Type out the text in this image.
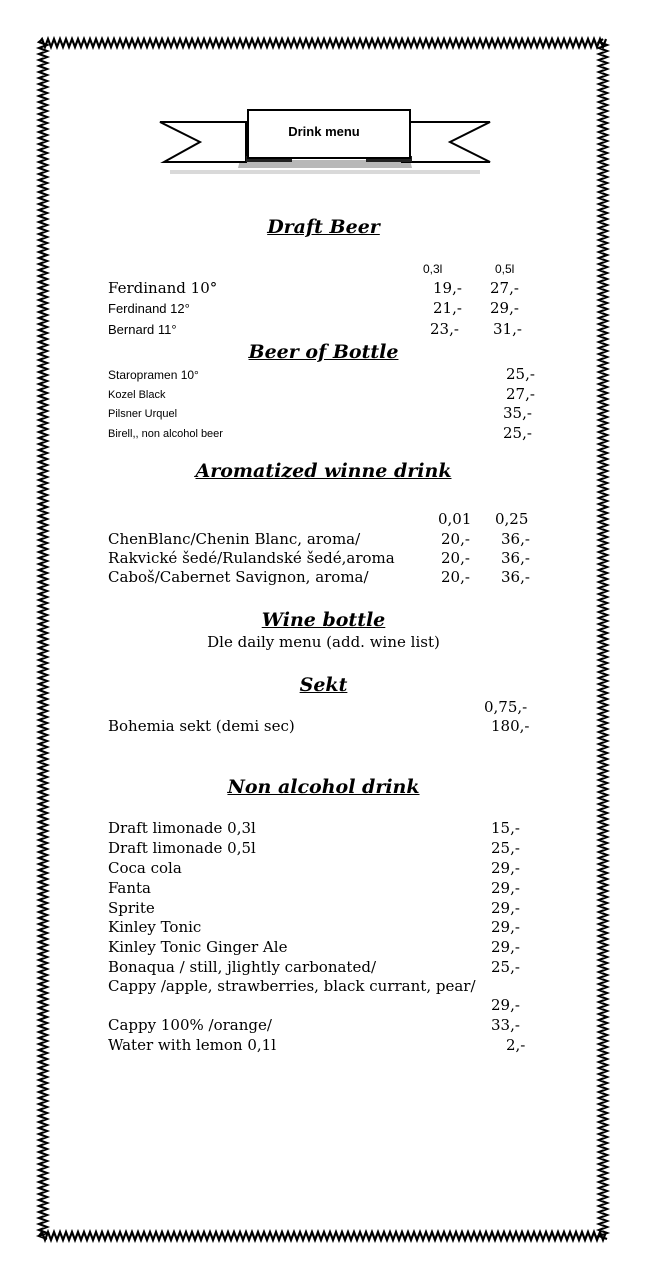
Drink menu
Draft Beer
0,3l	0,5l
Ferdinand 10°	19,- 27,-
Ferdinand 12°	21,- 29,-
Bernard 11°	23,- 31,-
Beer of Bottle
Staropramen 10°	25,-
Kozel Black	27,-
Pilsner Urquel	35,-
Birell,, non alcohol beer	25,-
Aromatized winne drink
0,01 0,25
ChenBlanc/Chenin Blanc, aroma/	20,- 36,-
Rakvické šedé/Rulandské šedé,aroma	20,- 36,-
Caboš/Cabernet Savignon, aroma/	20,- 36,-
Wine bottle
Dle daily menu (add. wine list)
Sekt
0,75,-
Bohemia sekt (demi sec)	180,-
Non alcohol drink
Draft limonade 0,3l	15,-
Draft limonade 0,5l	25,-
Coca cola	29,-
Fanta	29,-
Sprite	29,-
Kinley Tonic	29,-
Kinley Tonic Ginger Ale	29,-
Bonaqua / still, jlightly carbonated/	25,-
Cappy /apple, strawberries, black currant, pear/
29,-
Cappy 100% /orange/	33,-
Water with lemon 0,1l	2,-
